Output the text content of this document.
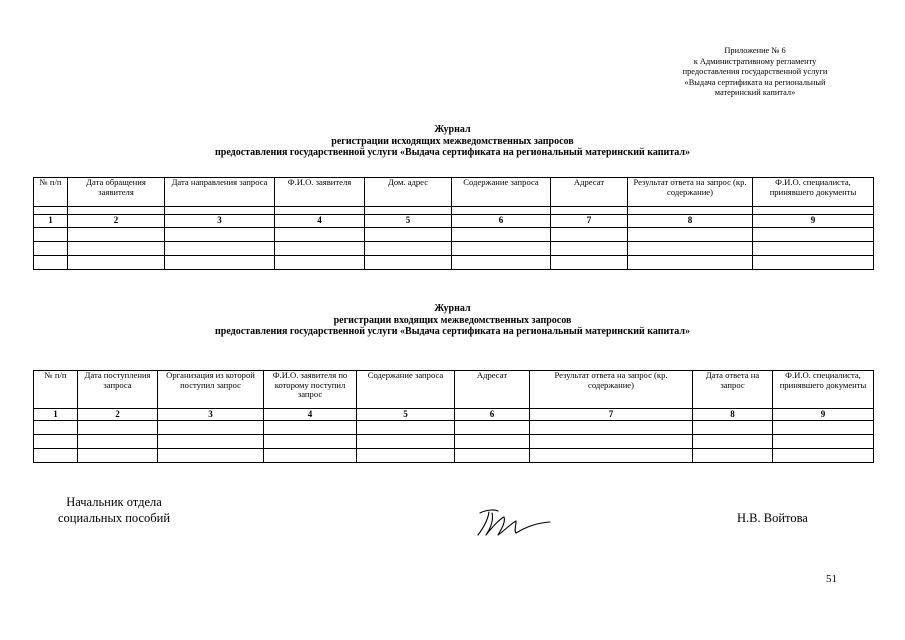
Приложение № 6
к Административному регламенту
предоставления государственной услуги
«Выдача сертификата на региональный
материнский капитал»
Журнал
регистрации исходящих межведомственных запросов
предоставления государственной услуги «Выдача сертификата на региональный материнский капитал»
№ п/п	Дата обращения заявителя	Дата направления запроса	Ф.И.О. заявителя	Дом. адрес	Содержание запроса	Адресат	Результат ответа на запрос (кр. содержание)	Ф.И.О. специалиста, принявшего документы

1	2	3	4	5	6	7	8	9

Журнал
регистрации входящих межведомственных запросов
предоставления государственной услуги «Выдача сертификата на региональный материнский капитал»
№ п/п	Дата поступления запроса	Организация из которой поступил запрос	Ф.И.О. заявителя по которому поступил запрос	Содержание запроса	Адресат	Результат ответа на запрос (кр. содержание)	Дата ответа на запрос	Ф.И.О. специалиста, принявшего документы
1	2	3	4	5	6	7	8	9

Начальник отдела
социальных пособий	Н.В. Войтова
51
